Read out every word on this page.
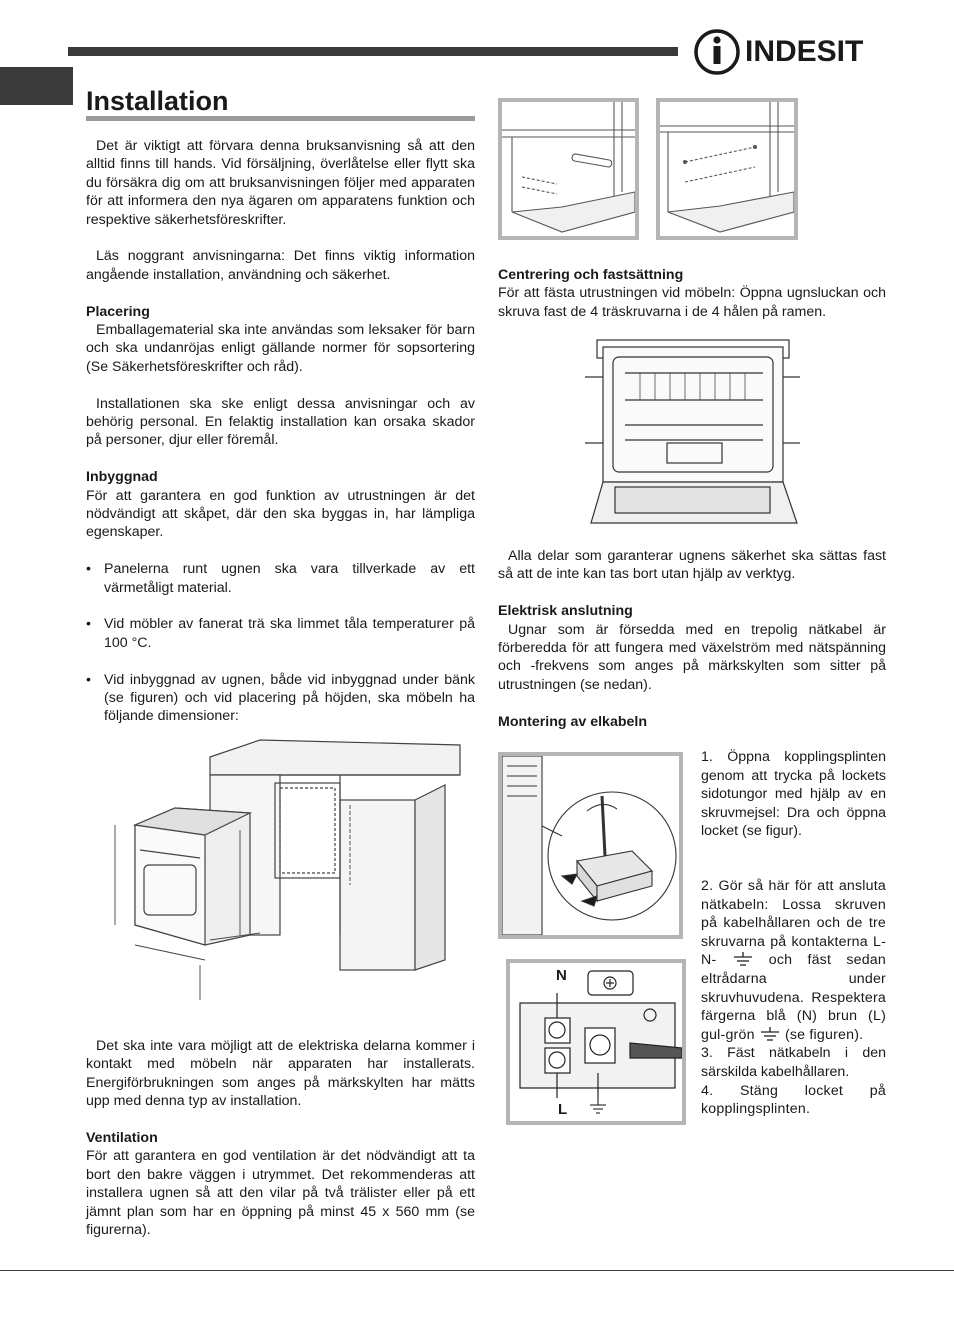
INDESIT
Installation

Det är viktigt att förvara denna bruksanvisning så att den alltid finns till hands. Vid försäljning, överlåtelse eller flytt ska du försäkra dig om att bruksanvisningen följer med apparaten för att informera den nya ägaren om apparatens funktion och respektive säkerhetsföreskrifter.

Läs noggrant anvisningarna: Det finns viktig information angående installation, användning och säkerhet.

Placering

Emballagematerial ska inte användas som leksaker för barn och ska undanröjas enligt gällande normer för sopsortering (Se Säkerhetsföreskrifter och råd).

Installationen ska ske enligt dessa anvisningar och av behörig personal. En felaktig installation kan orsaka skador på personer, djur eller föremål.

Inbyggnad

För att garantera en god funktion av utrustningen är det nödvändigt att skåpet, där den ska byggas in, har lämpliga egenskaper.

• Panelerna runt ugnen ska vara tillverkade av ett värmetåligt material.

• Vid möbler av fanerat trä ska limmet tåla temperaturer på 100 °C.

• Vid inbyggnad av ugnen, både vid inbyggnad under bänk (se figuren) och vid placering på höjden, ska möbeln ha följande dimensioner:

Det ska inte vara möjligt att de elektriska delarna kommer i kontakt med möbeln när apparaten har installerats. Energiförbrukningen som anges på märkskylten har mätts upp med denna typ av installation.

Ventilation

För att garantera en god ventilation är det nödvändigt att ta bort den bakre väggen i utrymmet. Det rekommenderas att installera ugnen så att den vilar på två trälister eller på ett jämnt plan som har en öppning på minst 45 x 560 mm (se figurerna).

Centrering och fastsättning

För att fästa utrustningen vid möbeln: Öppna ugnsluckan och skruva fast de 4 träskruvarna i de 4 hålen på ramen.

Alla delar som garanterar ugnens säkerhet ska sättas fast så att de inte kan tas bort utan hjälp av verktyg.

Elektrisk anslutning

Ugnar som är försedda med en trepolig nätkabel är förberedda för att fungera med växelström med nätspänning och -frekvens som anges på märkskylten som sitter på utrustningen (se nedan).

Montering av elkabeln
N
L

1. Öppna kopplingsplinten genom att trycka på lockets sidotungor med hjälp av en skruvmejsel: Dra och öppna locket (se figur).

2. Gör så här för att ansluta nätkabeln: Lossa skruven på kabelhållaren och de tre skruvarna på kontakterna L-N-	och fäst sedan eltrådarna under skruvhuvudena. Respektera färgerna blå (N) brun (L) gul-grön (se figuren).

3. Fäst nätkabeln i den särskilda kabelhållaren.

4. Stäng locket på kopplingsplinten.
